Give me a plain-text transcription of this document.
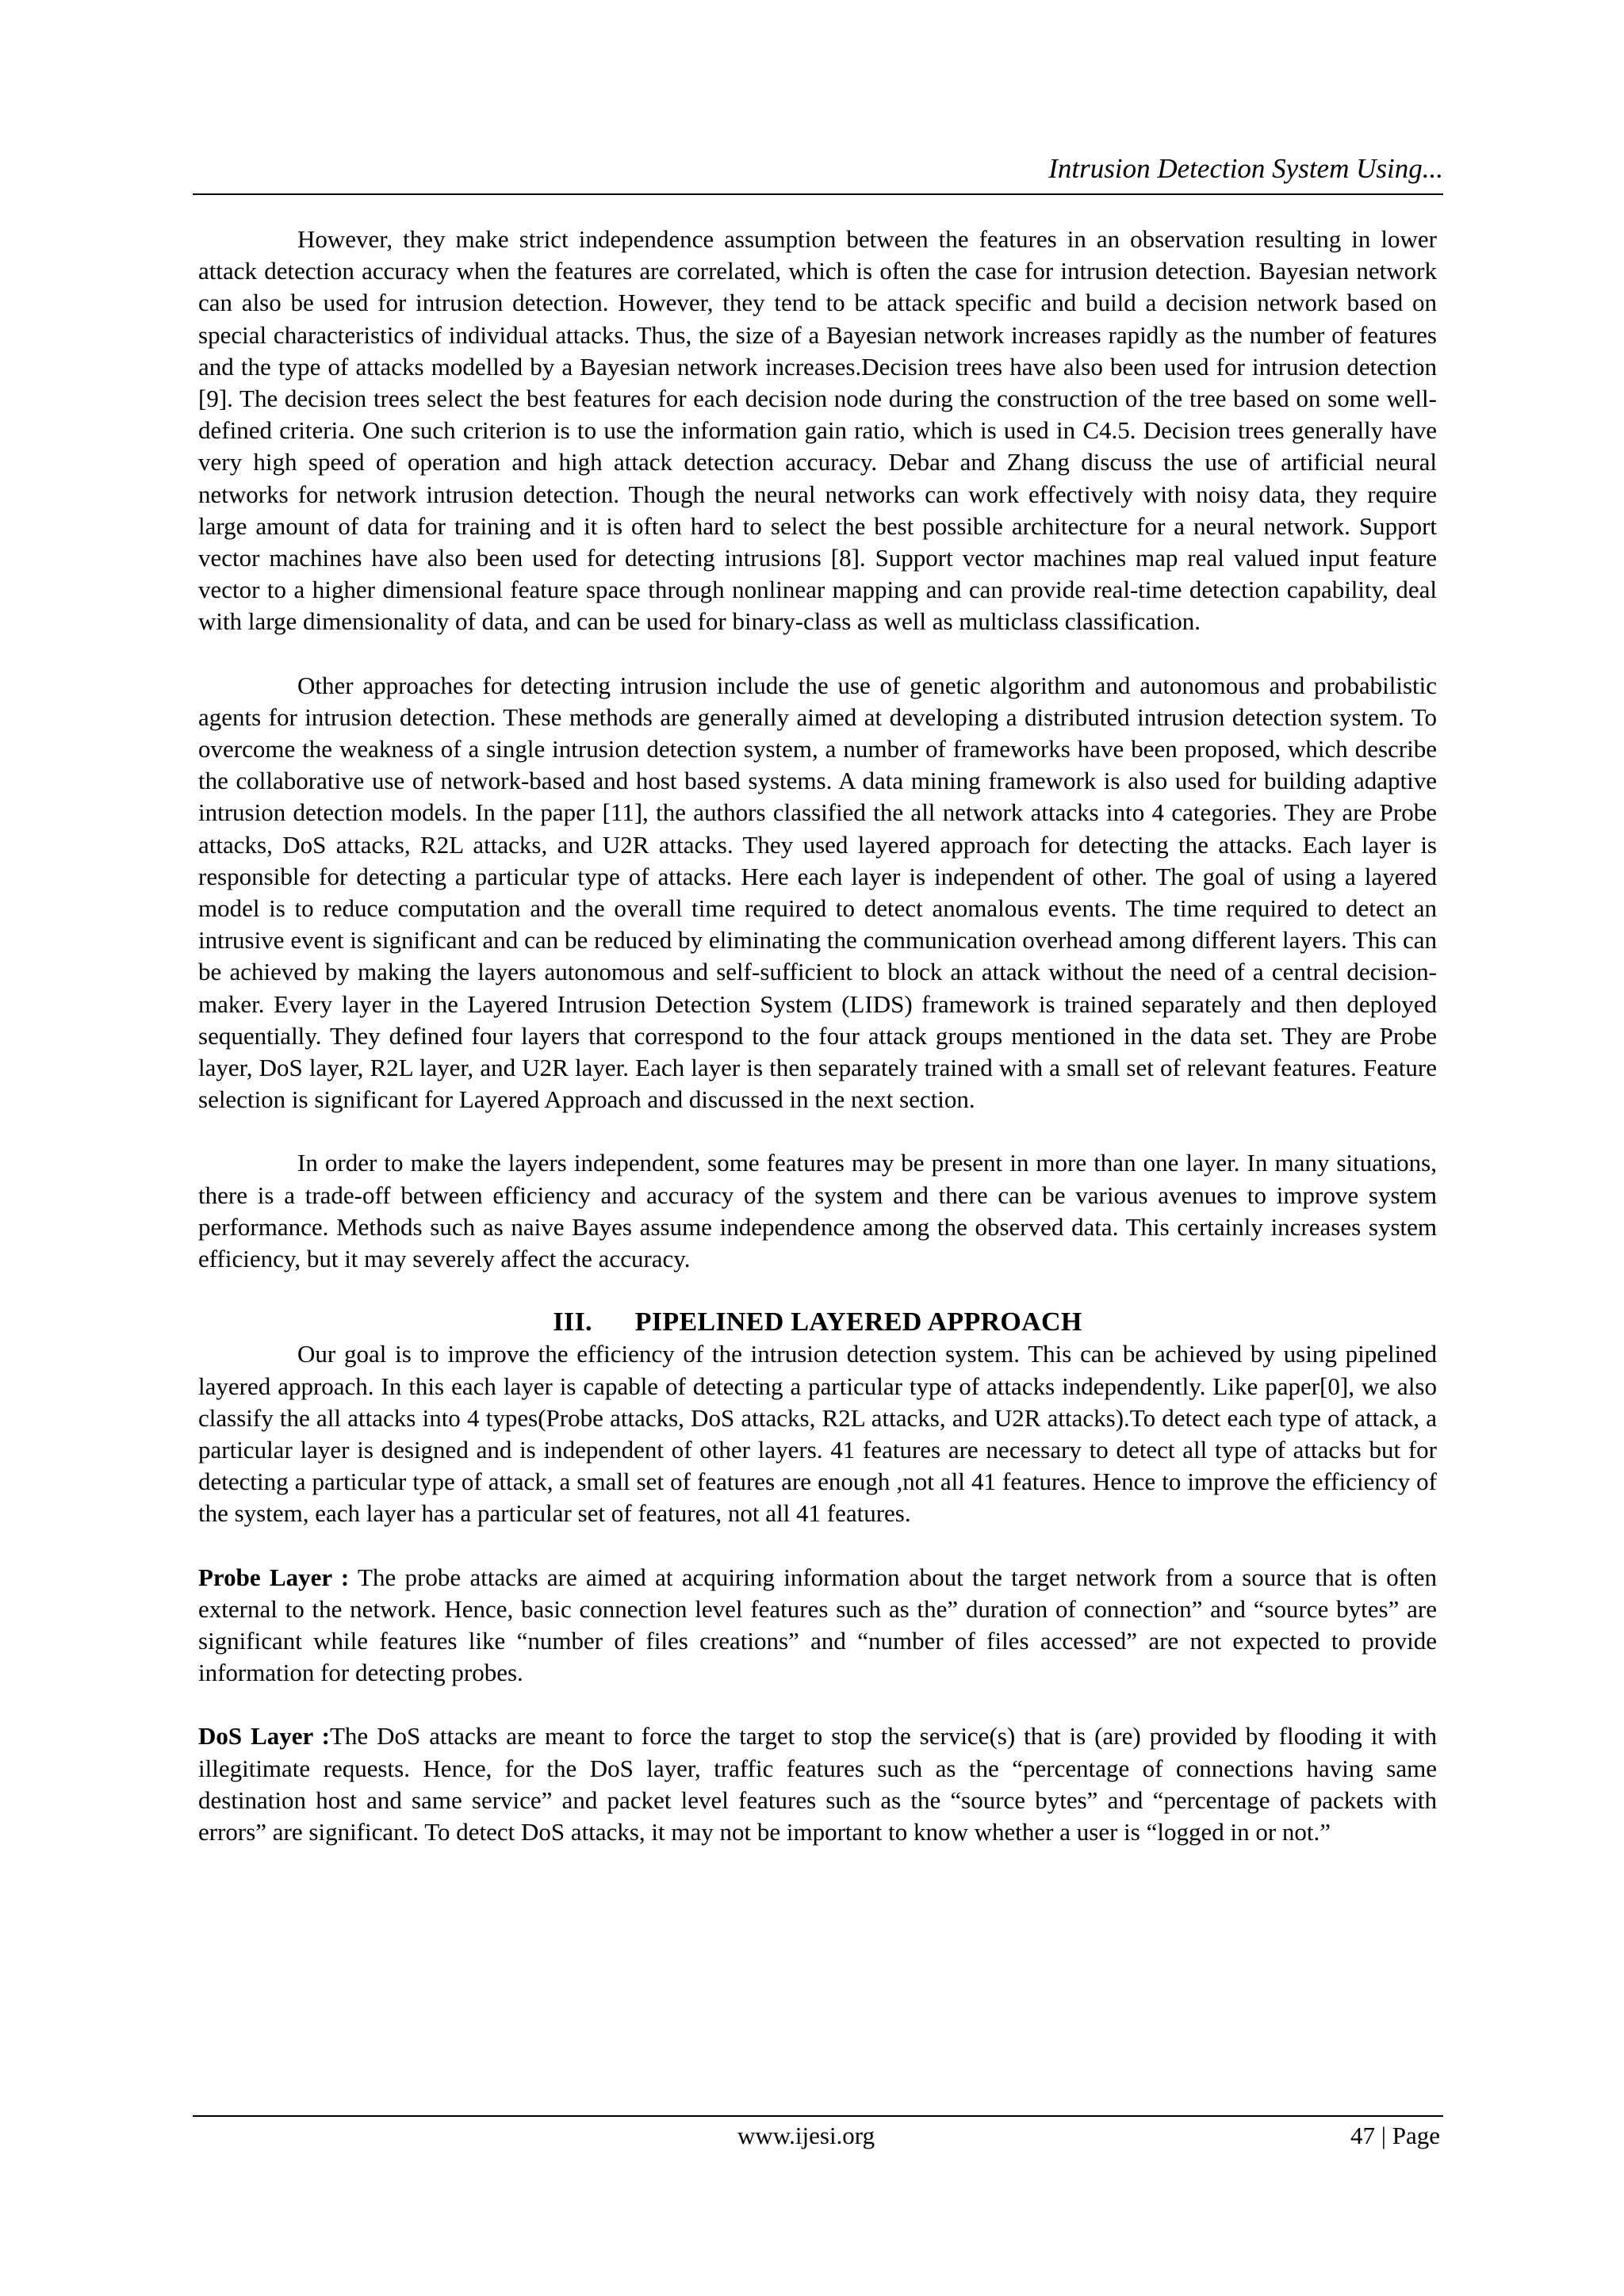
Intrusion Detection System Using...

However, they make strict independence assumption between the features in an observation resulting in lower attack detection accuracy when the features are correlated, which is often the case for intrusion detection. Bayesian network can also be used for intrusion detection. However, they tend to be attack specific and build a decision network based on special characteristics of individual attacks. Thus, the size of a Bayesian network increases rapidly as the number of features and the type of attacks modelled by a Bayesian network increases.Decision trees have also been used for intrusion detection [9]. The decision trees select the best features for each decision node during the construction of the tree based on some well-defined criteria. One such criterion is to use the information gain ratio, which is used in C4.5. Decision trees generally have very high speed of operation and high attack detection accuracy. Debar and Zhang discuss the use of artificial neural networks for network intrusion detection. Though the neural networks can work effectively with noisy data, they require large amount of data for training and it is often hard to select the best possible architecture for a neural network. Support vector machines have also been used for detecting intrusions [8]. Support vector machines map real valued input feature vector to a higher dimensional feature space through nonlinear mapping and can provide real-time detection capability, deal with large dimensionality of data, and can be used for binary-class as well as multiclass classification.

Other approaches for detecting intrusion include the use of genetic algorithm and autonomous and probabilistic agents for intrusion detection. These methods are generally aimed at developing a distributed intrusion detection system. To overcome the weakness of a single intrusion detection system, a number of frameworks have been proposed, which describe the collaborative use of network-based and host based systems. A data mining framework is also used for building adaptive intrusion detection models. In the paper [11], the authors classified the all network attacks into 4 categories. They are Probe attacks, DoS attacks, R2L attacks, and U2R attacks. They used layered approach for detecting the attacks. Each layer is responsible for detecting a particular type of attacks. Here each layer is independent of other. The goal of using a layered model is to reduce computation and the overall time required to detect anomalous events. The time required to detect an intrusive event is significant and can be reduced by eliminating the communication overhead among different layers. This can be achieved by making the layers autonomous and self-sufficient to block an attack without the need of a central decision-maker. Every layer in the Layered Intrusion Detection System (LIDS) framework is trained separately and then deployed sequentially. They defined four layers that correspond to the four attack groups mentioned in the data set. They are Probe layer, DoS layer, R2L layer, and U2R layer. Each layer is then separately trained with a small set of relevant features. Feature selection is significant for Layered Approach and discussed in the next section.

In order to make the layers independent, some features may be present in more than one layer. In many situations, there is a trade-off between efficiency and accuracy of the system and there can be various avenues to improve system performance. Methods such as naive Bayes assume independence among the observed data. This certainly increases system efficiency, but it may severely affect the accuracy.

III. PIPELINED LAYERED APPROACH

Our goal is to improve the efficiency of the intrusion detection system. This can be achieved by using pipelined layered approach. In this each layer is capable of detecting a particular type of attacks independently. Like paper[0], we also classify the all attacks into 4 types(Probe attacks, DoS attacks, R2L attacks, and U2R attacks).To detect each type of attack, a particular layer is designed and is independent of other layers. 41 features are necessary to detect all type of attacks but for detecting a particular type of attack, a small set of features are enough ,not all 41 features. Hence to improve the efficiency of the system, each layer has a particular set of features, not all 41 features.

Probe Layer : The probe attacks are aimed at acquiring information about the target network from a source that is often external to the network. Hence, basic connection level features such as the” duration of connection” and “source bytes” are significant while features like “number of files creations” and “number of files accessed” are not expected to provide information for detecting probes.

DoS Layer :The DoS attacks are meant to force the target to stop the service(s) that is (are) provided by flooding it with illegitimate requests. Hence, for the DoS layer, traffic features such as the “percentage of connections having same destination host and same service” and packet level features such as the “source bytes” and “percentage of packets with errors” are significant. To detect DoS attacks, it may not be important to know whether a user is “logged in or not.”

www.ijesi.org	47 | Page
